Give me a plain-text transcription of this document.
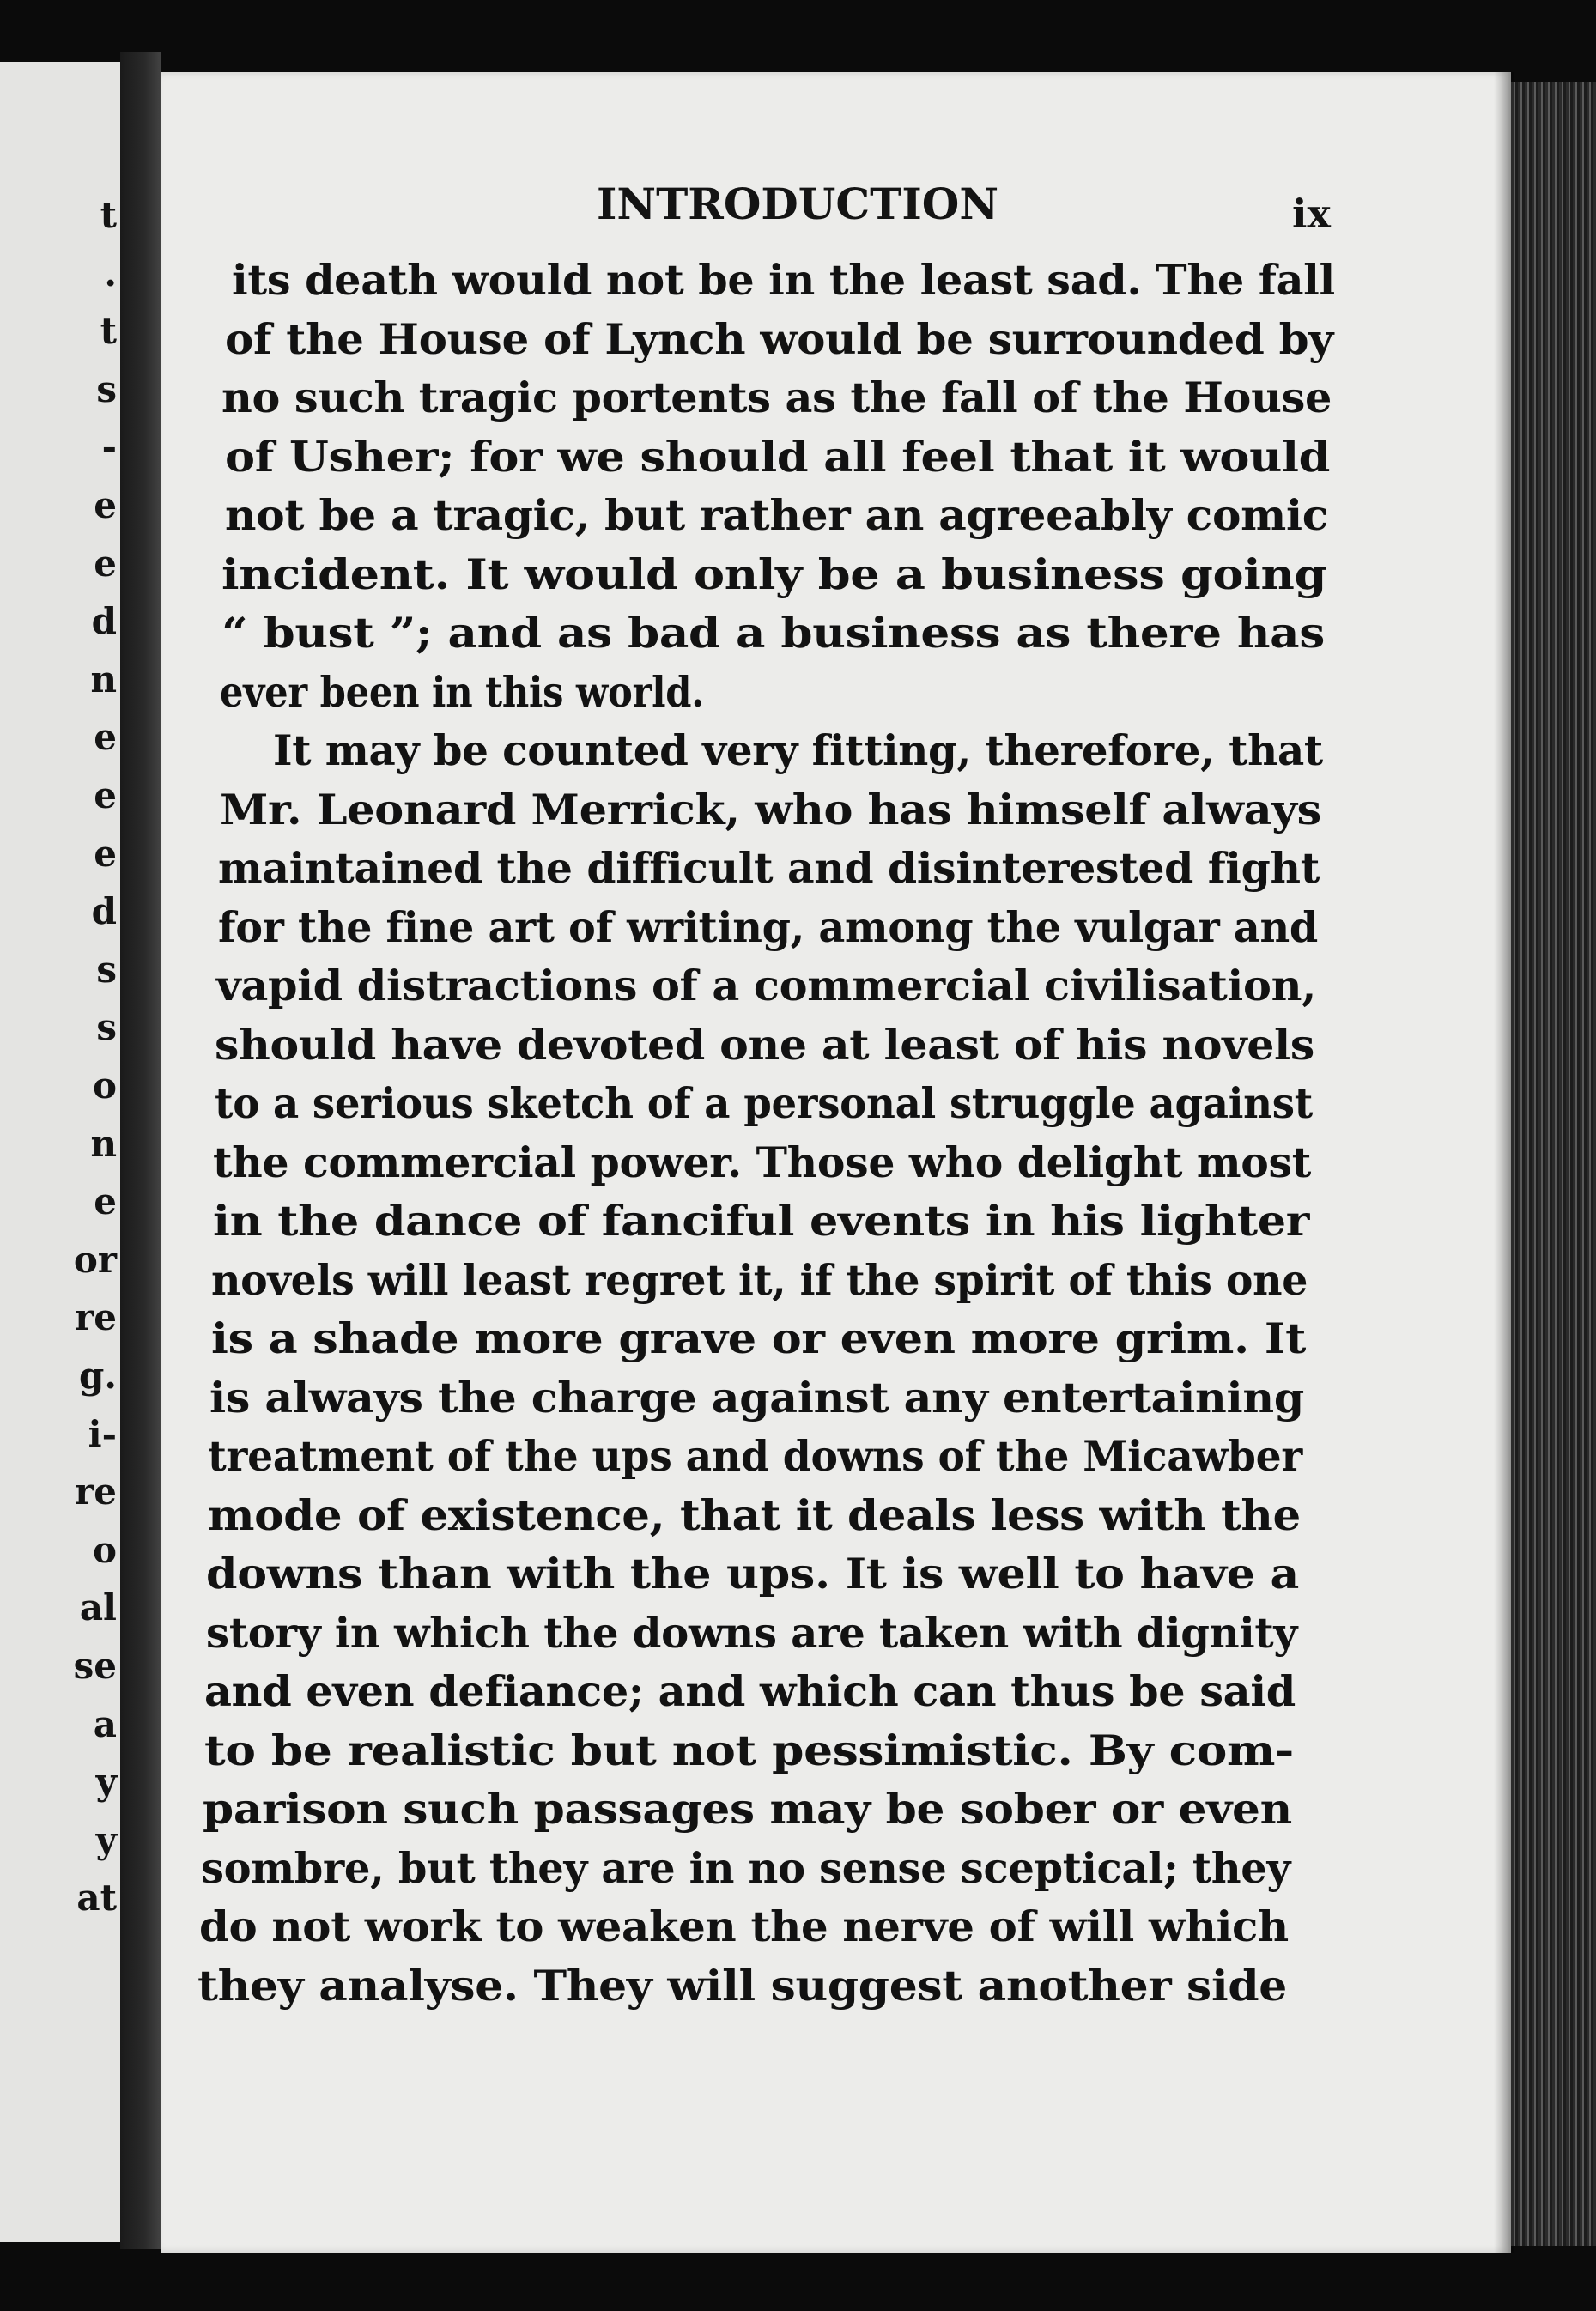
t
.
t
s
-
e
e
d
n
e
e
e
d
s
s
o
n
e
or
re
g.
i-
re
o
al
se
a
y
y
at
INTRODUCTION	ix
its death would not be in the least sad. The fall
of the House of Lynch would be surrounded by
no such tragic portents as the fall of the House
of Usher; for we should all feel that it would
not be a tragic, but rather an agreeably comic
incident. It would only be a business going
“ bust ”; and as bad a business as there has
ever been in this world.
It may be counted very fitting, therefore, that
Mr. Leonard Merrick, who has himself always
maintained the difficult and disinterested fight
for the fine art of writing, among the vulgar and
vapid distractions of a commercial civilisation,
should have devoted one at least of his novels
to a serious sketch of a personal struggle against
the commercial power. Those who delight most
in the dance of fanciful events in his lighter
novels will least regret it, if the spirit of this one
is a shade more grave or even more grim. It
is always the charge against any entertaining
treatment of the ups and downs of the Micawber
mode of existence, that it deals less with the
downs than with the ups. It is well to have a
story in which the downs are taken with dignity
and even defiance; and which can thus be said
to be realistic but not pessimistic. By com-
parison such passages may be sober or even
sombre, but they are in no sense sceptical; they
do not work to weaken the nerve of will which
they analyse. They will suggest another side
